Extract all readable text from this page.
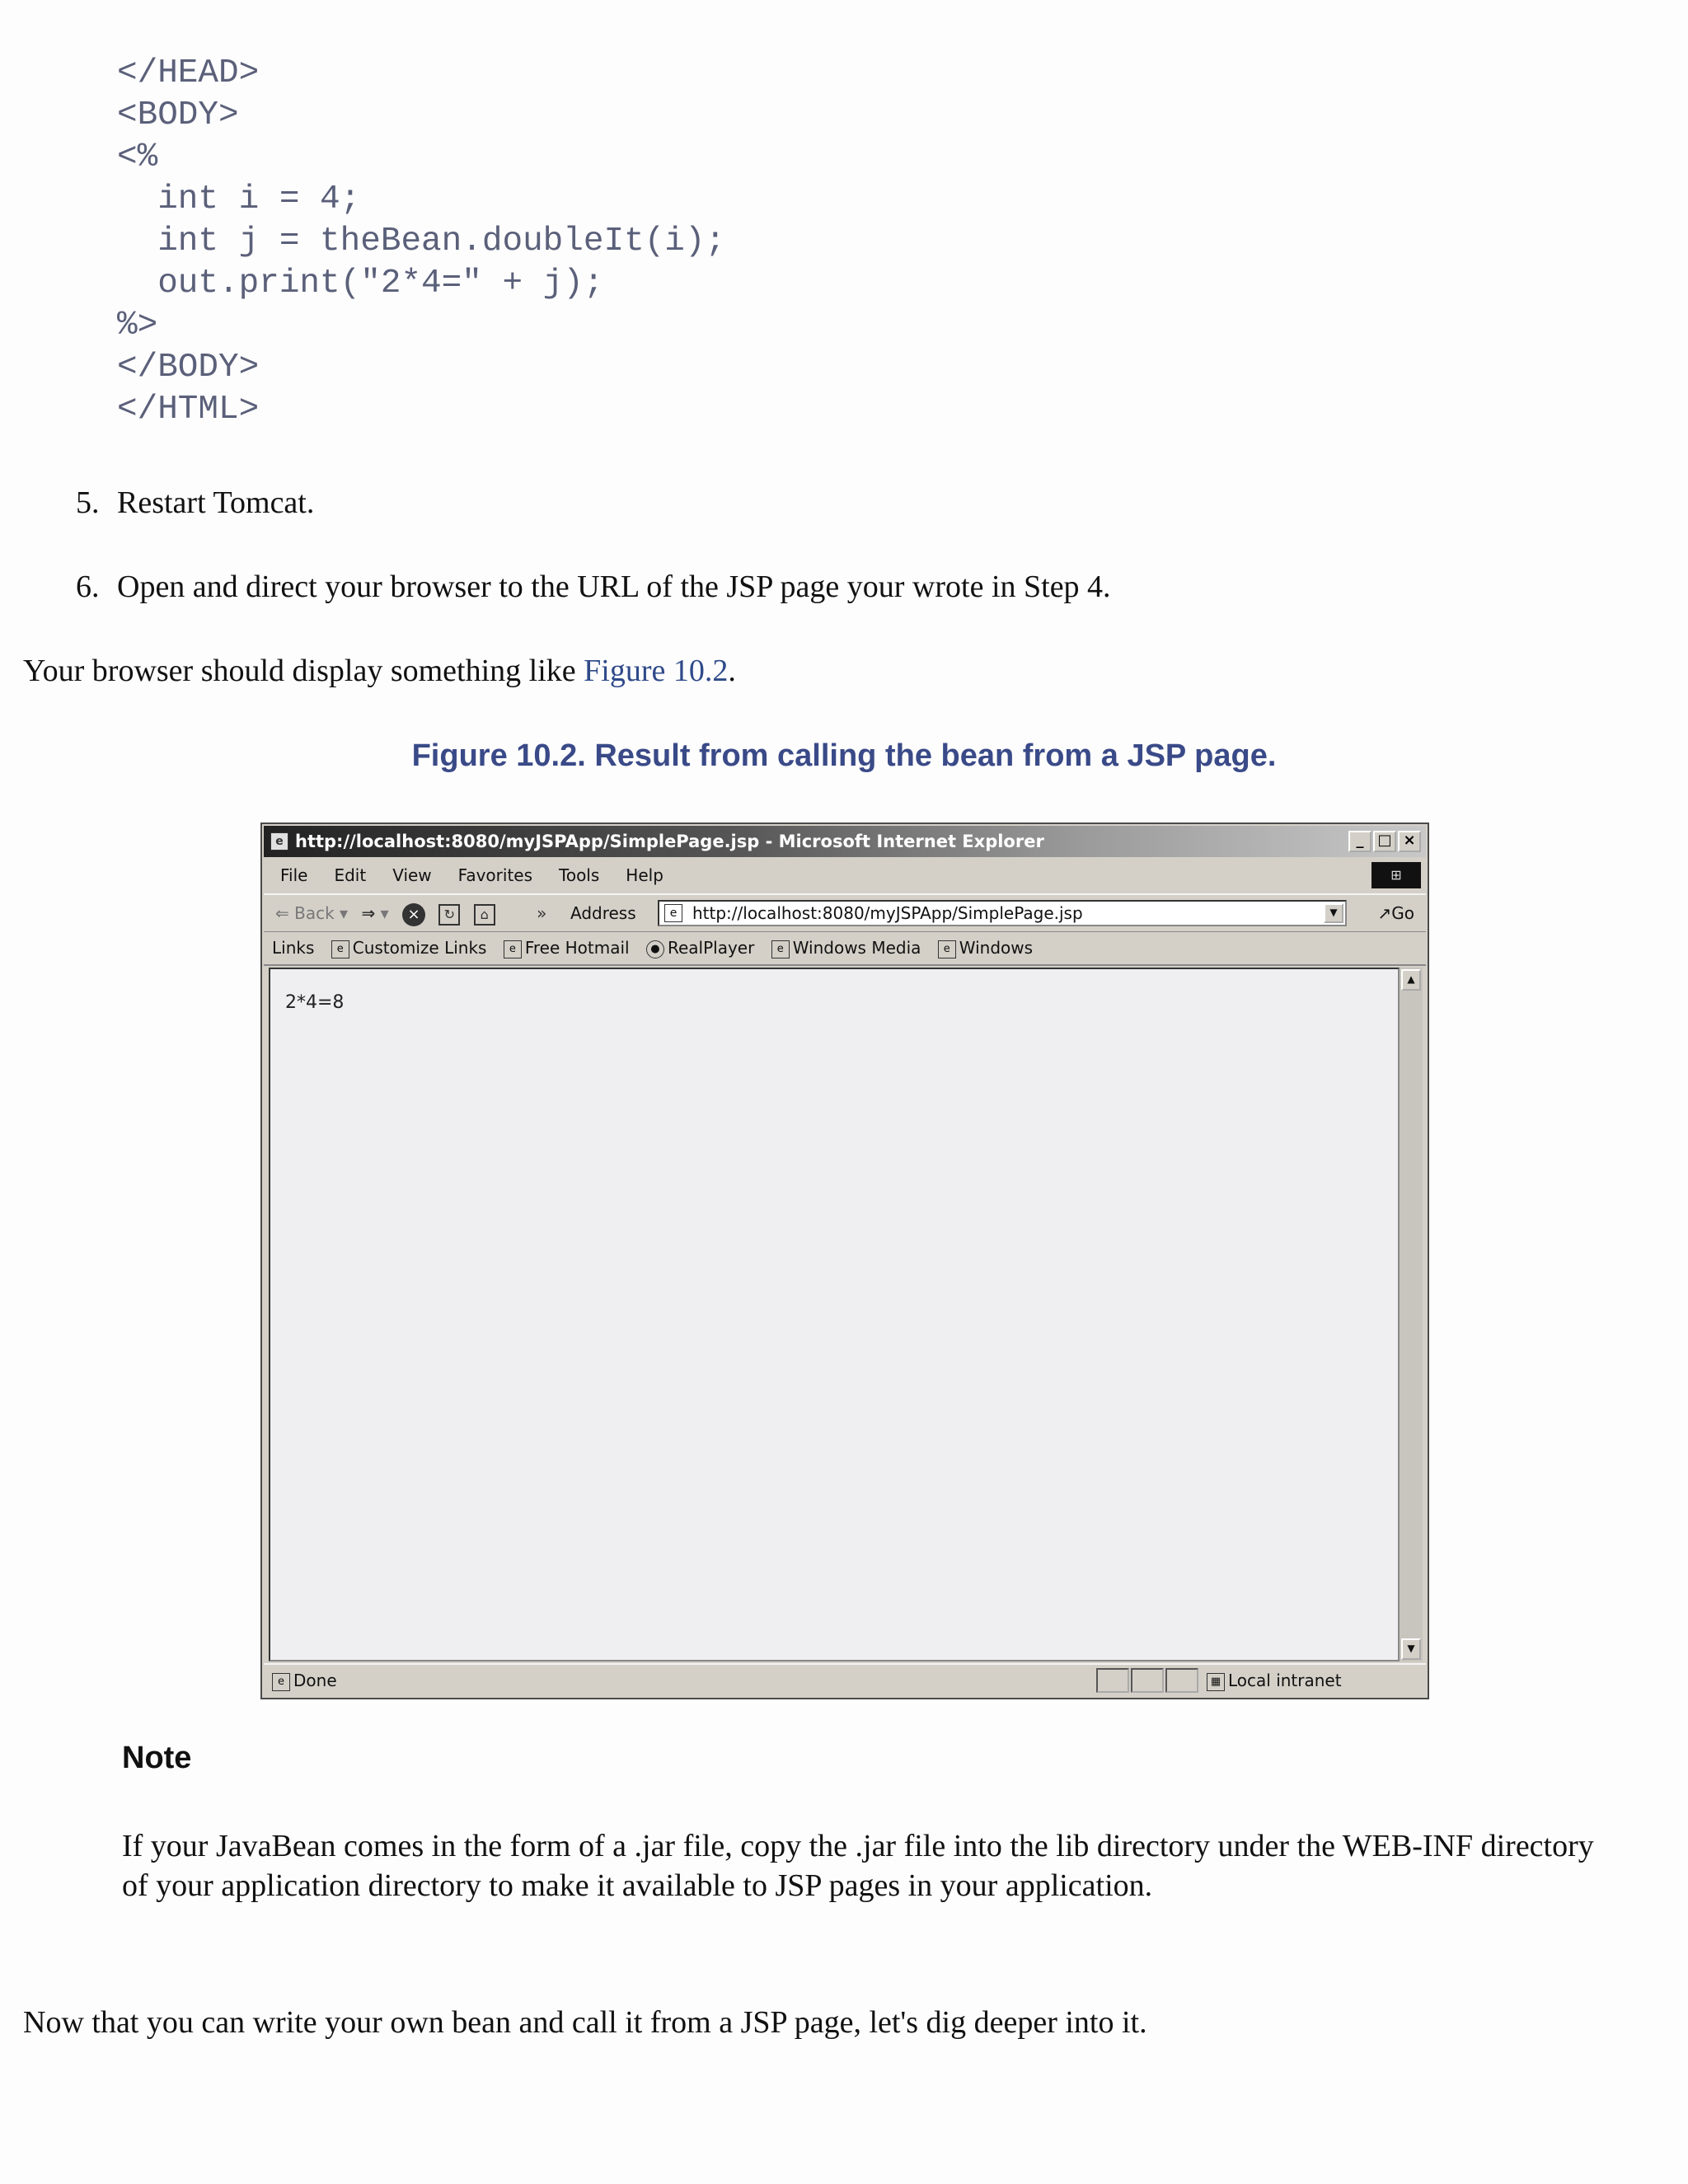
</HEAD>
<BODY>
<%
int i = 4;
int j = theBean.doubleIt(i);
out.print("2*4=" + j);
%>
</BODY>
</HTML>

5. Restart Tomcat.

6. Open and direct your browser to the URL of the JSP page your wrote in Step 4.

Your browser should display something like Figure 10.2.

Figure 10.2. Result from calling the bean from a JSP page.
e http://localhost:8080/myJSPApp/SimplePage.jsp - Microsoft Internet Explorer	_ □ ×
File Edit View Favorites Tools Help	⊞
⇐ Back ▾ ⇒ ▾ × ↻ ⌂	» Address	e http://localhost:8080/myJSPApp/SimplePage.jsp	▼	↗Go
Links e Customize Links e Free Hotmail ● RealPlayer e Windows Media e Windows
2*4=8
▲
▼
e Done	▦ Local intranet
Note

If your JavaBean comes in the form of a .jar file, copy the .jar file into the lib directory under the WEB-INF directory of your application directory to make it available to JSP pages in your application.

Now that you can write your own bean and call it from a JSP page, let's dig deeper into it.
